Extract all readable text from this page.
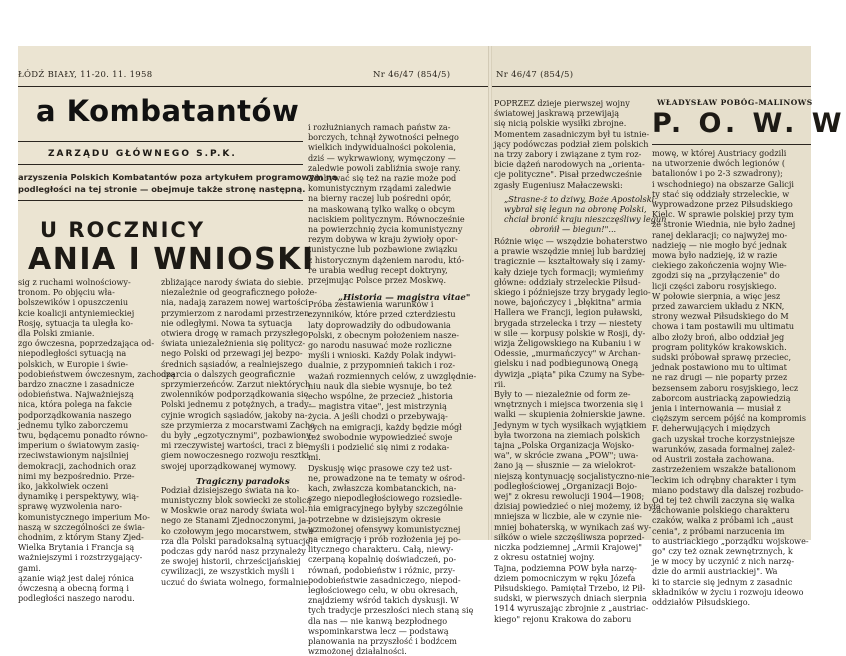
ŁÓDŹ BIAŁY, 11-20. 11. 1958	Nr 46/47 (854/5)
a Kombatantów
ZARZĄDU GŁÓWNEGO S.P.K.
arzyszenia Polskich Kombatantów poza artykułem programowym na
podległości na tej stronie — obejmuje także stronę następną.
U ROCZNICY
ANIA I WNIOSKI

sig z ruchami wolnościowy-

tronom. Po objęciu wła-

bolszewików i opuszczeniu

kcie koalicji antyniemieckiej

Rosję, sytuacja ta uległa ko-

dla Polski zmianie.

zgo ówczesna, poprzedzająca od-

niepodległości sytuacją na

polskich, w Europie i świe-

podobieństwem ówczesnym, zachodzą

bardzo znaczne i zasadnicze

odobieństwa. Najważniejszą

nica, która polega na fakcie

podporządkowania naszego

jednemu tylko zaborczemu

twu, będącemu ponadto równo-

imperium o światowym zasię-

rzeciwstawionym najsilniej

demokracji, zachodnich oraz

nimi my bezpośrednio. Prze-

iko, jakkolwiek oczeni

dynamikę i perspektywy, wią-

sprawę wyzwolenia naro-

komunistycznego imperium Mo-

naszą w szczególności ze świa-

chodnim, z którym Stany Zjed-

Wielka Brytania i Francja są

ważniejszymi i rozstrzygający-

gami.

ązanie wiąż jest dalej rónica

ówczesną a obecną formą i

podległości naszego narodu.

zbliżające narody świata do siebie.

niezależnie od geograficznego położe-

nia, nadają zarazem nowej wartości

przymierzom z narodami przestrzen-

nie odległymi. Nowa ta sytuacja

otwiera drogę w ramach przyszłego

świata uniezależnienia się politycz-

nego Polski od przewagi jej bezpo-

średnich sąsiadów, a realniejszego

oparcia o dalszych geograficznie

sprzymierzeńców. Zarzut niektórych

zwolenników podporządkowania się

Polski jednemu z potężnych, a trady-

cyjnie wrogich sąsiadów, jakoby na-

sze przymierza z mocarstwami Zacho-

du były „egzotycznymi", pozbawiony-

mi rzeczywistej wartości, traci z bie-

giem nowoczesnego rozwoju resztki

swojej uporządkowanej wymowy.

Podział dzisiejszego świata na ko-

munistyczny blok sowiecki ze stolicą

w Moskwie oraz narody świata wol-

nego ze Stanami Zjednoczonymi, ja-

ko czołowym jego mocarstwem, stwa-

rza dla Polski paradoksalną sytuację:

podczas gdy naród nasz przynależy

ze swojej historii, chrześcijańskiej

cywilizacji, ze wszystkich myśli i

uczuć do świata wolnego, formalnie

Tragiczny paradoks

i rozłużnianych ramach państw za-

borczych, tchnął żywotności pełnego

wielkich indywidualności pokolenia,

dziś — wykrwawiony, wymęczony —

zaledwie powoli zabliźnia swoje rany.

Zdobywać się też na razie może pod

komunistycznym rządami zaledwie

na bierny raczej lub pośredni opór,

na maskowaną tylko walkę o obcym

naciskiem politycznym. Równocześnie

na powierzchnię życia komunistyczny

rezym dobywa w kraju żywioły opor-

tunistyczne lub pozbawione związku

z historycznym dążeniem narodu, któ-

re urabia według recept doktryny,

przejmując Polsce przez Moskwę.

Próba zestawienia warunków i

czynników, które przed czterdziestu

laty doprowadziły do odbudowania

Polski, z obecnym położeniem nasze-

go narodu nasuwać może rozliczne

myśli i wnioski. Każdy Polak indywi-

dualnie, z przypomnień takich i roz-

ważań rozmiennych celów, z uwzględnie-

niu nauk dla siebie wysnuje, bo też

echo wspólne, że przecież „historia

— magistra vitae", jest mistrzynią

życia. A jeśli chodzi o przebywają-

cych na emigracji, każdy będzie mógł

też swobodnie wypowiedzieć swoje

myśli i podzielić się nimi z rodaka-

mi.

Dyskusję więc prasowe czy też ust-

ne, prowadzone na te tematy w ośrod-

kach, zwłaszcza kombatanckich, na-

szego niepodległościowego rozsiedle-

nia emigracyjnego byłyby szczególnie

potrzebne w dzisiejszym okresie

wzmożonej ofensywy komunistycznej

na emigrację i prób rozłożenia jej po-

litycznego charakteru. Całą, niewy-

czerpaną kopalnię doświadczeń, po-

równań, podobieństw i różnic, przy-

podobieństwie zasadniczego, niepod-

ległościowego celu, w obu okresach,

znajdziemy wśród takich dyskusji. W

tych tradycje przeszłości niech staną się

dla nas — nie kanwą bezpłodnego

wspominkarstwa lecz — podstawą

planowania na przyszłość i bodźcem

wzmożonej działalności.

„Historia — magistra vitae"
Nr 46/47 (854/5)
WŁADYSŁAW POBÓG-MALINOWS
P. O. W. W

POPRZEZ dzieje pierwszej wojny

światowej jaskrawą przewijają

się nicią polskie wysiłki zbrojne.

Momentem zasadniczym był tu istnie-

jący podówczas podział ziem polskich

na trzy zabory i związane z tym roz-

bicie dążeń narodowych na „orienta-

cje polityczne". Pisał przedwcześnie

zgasły Eugeniusz Małaczewski:

„Strasne-ż to dziwy, Boże Apostolski,

wybrał się legun na obronę Polski,

chciał bronić kraju nieszczęśliwy legun

obrońił — biegun!"...

Różnie więc — wszędzie bohaterstwo

a prawie wszędzie mniej lub bardziej

tragicznie — kształtowały się i zamy-

kały dzieje tych formacji; wymieńmy

główne: oddziały strzeleckie Piłsud-

skiego i późniejsze trzy brygady legio-

nowe, bajończycy i „błękitna" armia

Hallera we Francji, legion puławski,

brygada strzelecka i trzy — niestety

w sile — korpusy polskie w Rosji, dy-

wizja Żeligowskiego na Kubaniu i w

Odessie, „murmańczycy" w Archan-

gielsku i nad podbiegunową Onegą

dywizja „piąta" pika Czumy na Sybe-

rii.

Były to — niezależnie od form ze-

wnętrznych i miejsca tworzenia się i

walki — skupienia żołnierskie jawne.

Jedynym w tych wysiłkach wyjątkiem

była tworzona na ziemiach polskich

tajna „Polska Organizacja Wojsko-

wa", w skrócie zwana „POW"; uwa-

żano ją — słusznie — za wielokrot-

niejszą kontynuację socjalistyczno-nie-

podległościowej „Organizacji Bojo-

wej" z okresu rewolucji 1904—1908;

dzisiaj powiedzieć o niej możemy, iż była

mniejsza w liczbie, ale w czynie nie-

mniej bohaterską, w wynikach zaś wy-

siłków o wiele szczęśliwsza poprzed-

niczka podziemnej „Armii Krajowej"

z okresu ostatniej wojny.

Tajna, podziemna POW była narzę-

dziem pomocniczym w ręku Józefa

Piłsudskiego. Pamiętał Trzebo, iż Pił-

sudski, w pierwszych dniach sierpnia

1914 wyruszając zbrojnie z „austriac-

kiego" rejonu Krakowa do zaboru

mowę, w której Austriacy godzili

na utworzenie dwóch legionów (

batalionów i po 2-3 szwadrony);

i wschodniego) na obszarze Galicji

ty stać się oddziały strzeleckie, w

wyprowadzone przez Piłsudskiego

Kielc. W sprawie polskiej przy tym

że stronie Wiednia, nie było żadnej

ranej deklaracji; co najwyżej mo-

nadzieję — nie mogło być jednak

mowa było nadzieję, iż w razie

ciekiego zakończenia wojny Wie-

zgodzi się na „przyłączenie" do

licji części zaboru rosyjskiego.

W połowie sierpnia, a więc jesz

przed zawarciem układu z NKN,

strony wezwał Piłsudskiego do M

chowa i tam postawili mu ultimatu

albo złoży broń, albo oddział jeg

program polityków krakowskich.

sudski próbował sprawę przeciec,

jednak postawiono mu to ultimat

ne raz drugi — nie poparty przez

bezsensem zaboru rosyjskiego, lecz

zaborcom austriacką zapowiedzią

jenia i internowania — musiał z

cięższym sercem pójść na kompromis

F. deherwujących i międzych

gach uzyskał troche korzystniejsze

warunków, zasada formalnej zależ-

od Austrii została zachowana.

zastrzeżeniem wszakże batalionom

leckim ich odrębny charakter i tym

miano podstawy dla dalszej rozbudo-

Od tej też chwili zaczyna się walka

zachowanie polskiego charakteru

czaków, walka z próbami ich „aust

cenia", z próbami narzucenia im

to austriackiego „porządku wojskowe-

go" czy też oznak zewnętrznych, k

je w mocy by uczynić z nich narzę-

dzie do armii austriackiej". Wa

ki to starcie się jednym z zasadnic

składników w życiu i rozwoju ideowo

oddziałów Piłsudskiego.
